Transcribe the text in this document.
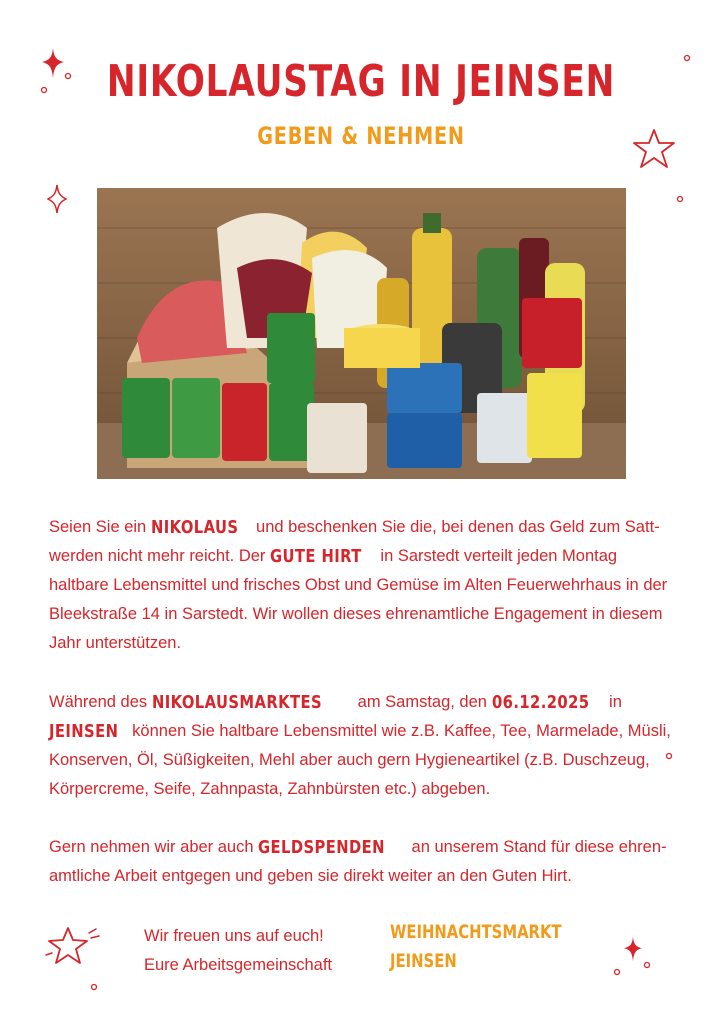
NIKOLAUSTAG IN JEINSEN
GEBEN & NEHMEN
Seien Sie ein NIKOLAUS und beschenken Sie die, bei denen das Geld zum Satt-werden nicht mehr reicht. Der GUTE HIRT in Sarstedt verteilt jeden Montag haltbare Lebensmittel und frisches Obst und Gemüse im Alten Feuerwehrhaus in der Bleekstraße 14 in Sarstedt. Wir wollen dieses ehrenamtliche Engagement in diesem Jahr unterstützen.
Während des NIKOLAUSMARKTES am Samstag, den 06.12.2025 in JEINSEN können Sie haltbare Lebensmittel wie z.B. Kaffee, Tee, Marmelade, Müsli, Konserven, Öl, Süßigkeiten, Mehl aber auch gern Hygieneartikel (z.B. Duschzeug, Körpercreme, Seife, Zahnpasta, Zahnbürsten etc.) abgeben.
Gern nehmen wir aber auch GELDSPENDEN an unserem Stand für diese ehren-amtliche Arbeit entgegen und geben sie direkt weiter an den Guten Hirt.
Wir freuen uns auf euch!
Eure Arbeitsgemeinschaft
WEIHNACHTSMARKT
JEINSEN
